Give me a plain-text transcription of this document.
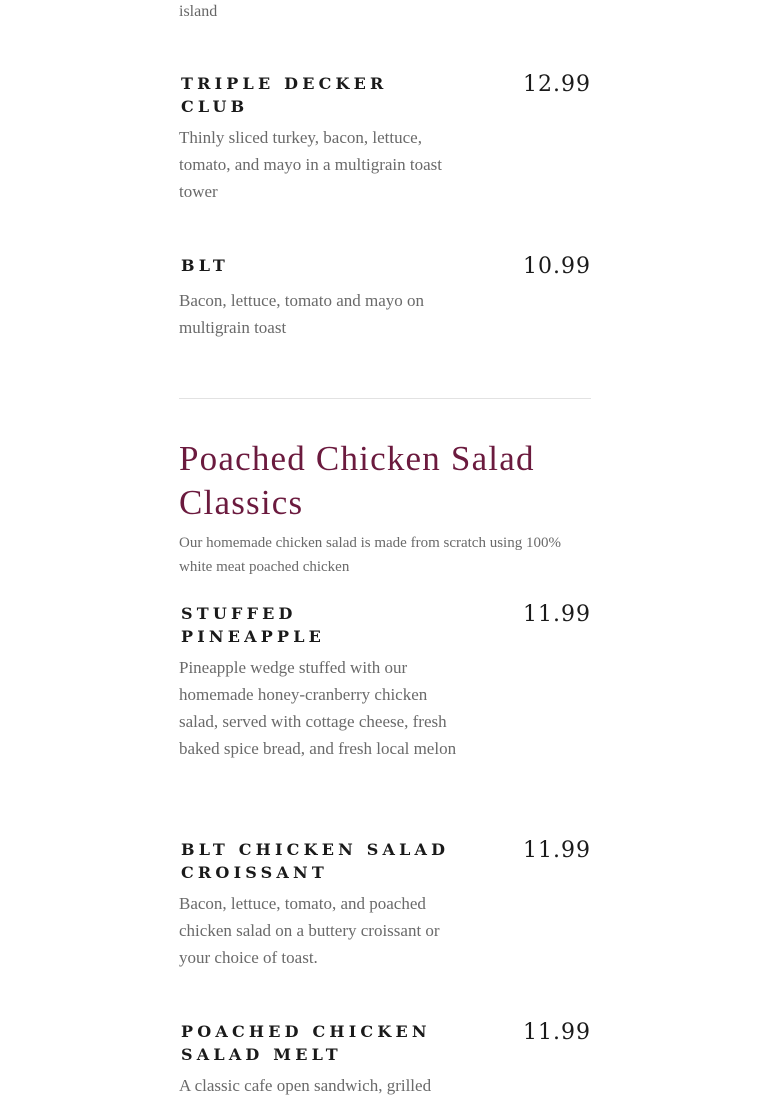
island
TRIPLE DECKER CLUB
12.99
Thinly sliced turkey, bacon, lettuce, tomato, and mayo in a multigrain toast tower
BLT	10.99
Bacon, lettuce, tomato and mayo on multigrain toast
Poached Chicken Salad Classics
Our homemade chicken salad is made from scratch using 100% white meat poached chicken
STUFFED PINEAPPLE
11.99
Pineapple wedge stuffed with our homemade honey-cranberry chicken salad, served with cottage cheese, fresh baked spice bread, and fresh local melon
BLT CHICKEN SALAD CROISSANT
11.99
Bacon, lettuce, tomato, and poached chicken salad on a buttery croissant or your choice of toast.
POACHED CHICKEN SALAD MELT
11.99
A classic cafe open sandwich, grilled
